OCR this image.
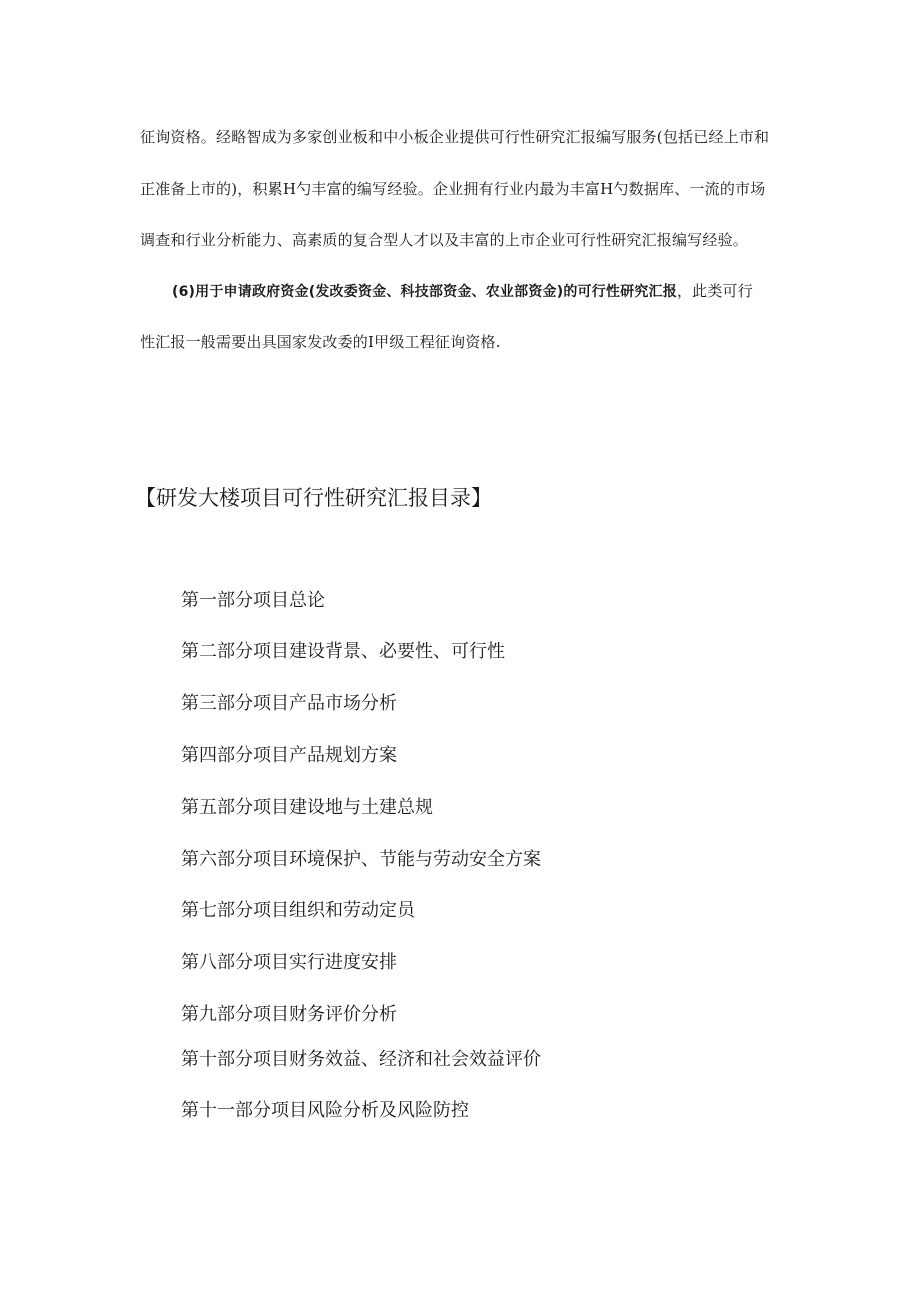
征询资格。经略智成为多家创业板和中小板企业提供可行性研究汇报编写服务(包括已经上市和
正准备上市的)，积累H勺丰富的编写经验。企业拥有行业内最为丰富H勺数据库、一流的市场
调查和行业分析能力、高素质的复合型人才以及丰富的上市企业可行性研究汇报编写经验。
(6)用于申请政府资金(发改委资金、科技部资金、农业部资金)的可行性研究汇报，此类可行
性汇报一般需要出具国家发改委的I甲级工程征询资格.
【研发大楼项目可行性研究汇报目录】
第一部分项目总论
第二部分项目建设背景、必要性、可行性
第三部分项目产品市场分析
第四部分项目产品规划方案
第五部分项目建设地与土建总规
第六部分项目环境保护、节能与劳动安全方案
第七部分项目组织和劳动定员
第八部分项目实行进度安排
第九部分项目财务评价分析
第十部分项目财务效益、经济和社会效益评价
第十一部分项目风险分析及风险防控
